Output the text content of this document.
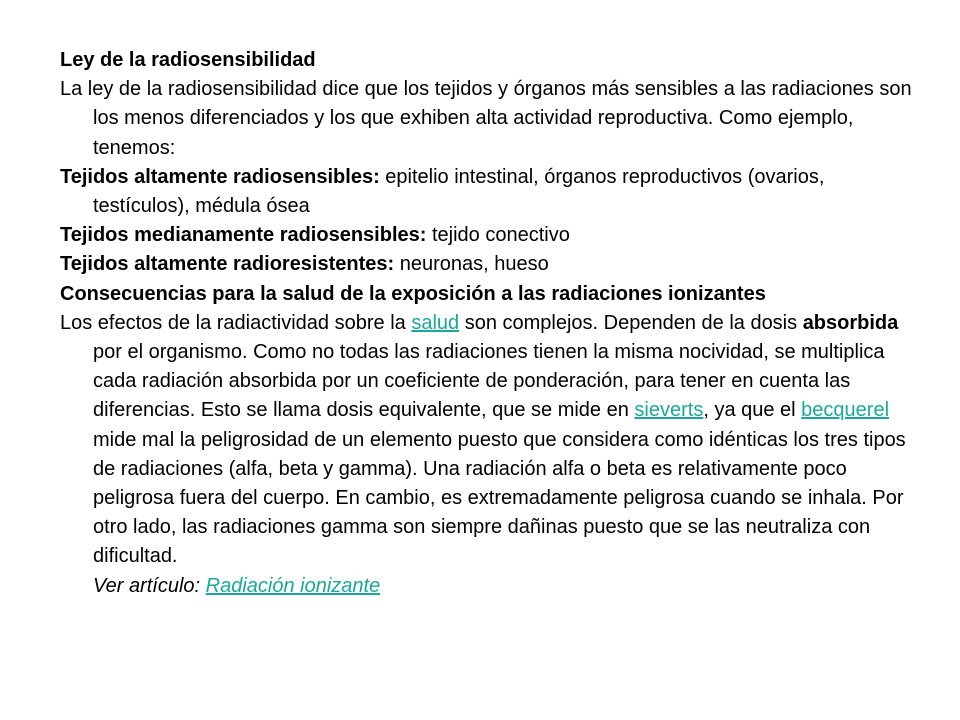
Ley de la radiosensibilidad

La ley de la radiosensibilidad dice que los tejidos y órganos más sensibles a las radiaciones son los menos diferenciados y los que exhiben alta actividad reproductiva. Como ejemplo, tenemos:

Tejidos altamente radiosensibles: epitelio intestinal, órganos reproductivos (ovarios, testículos), médula ósea

Tejidos medianamente radiosensibles: tejido conectivo

Tejidos altamente radioresistentes: neuronas, hueso

Consecuencias para la salud de la exposición a las radiaciones ionizantes

Los efectos de la radiactividad sobre la salud son complejos. Dependen de la dosis absorbida por el organismo. Como no todas las radiaciones tienen la misma nocividad, se multiplica cada radiación absorbida por un coeficiente de ponderación, para tener en cuenta las diferencias. Esto se llama dosis equivalente, que se mide en sieverts, ya que el becquerel mide mal la peligrosidad de un elemento puesto que considera como idénticas los tres tipos de radiaciones (alfa, beta y gamma). Una radiación alfa o beta es relativamente poco peligrosa fuera del cuerpo. En cambio, es extremadamente peligrosa cuando se inhala. Por otro lado, las radiaciones gamma son siempre dañinas puesto que se las neutraliza con dificultad.
Ver artículo: Radiación ionizante
